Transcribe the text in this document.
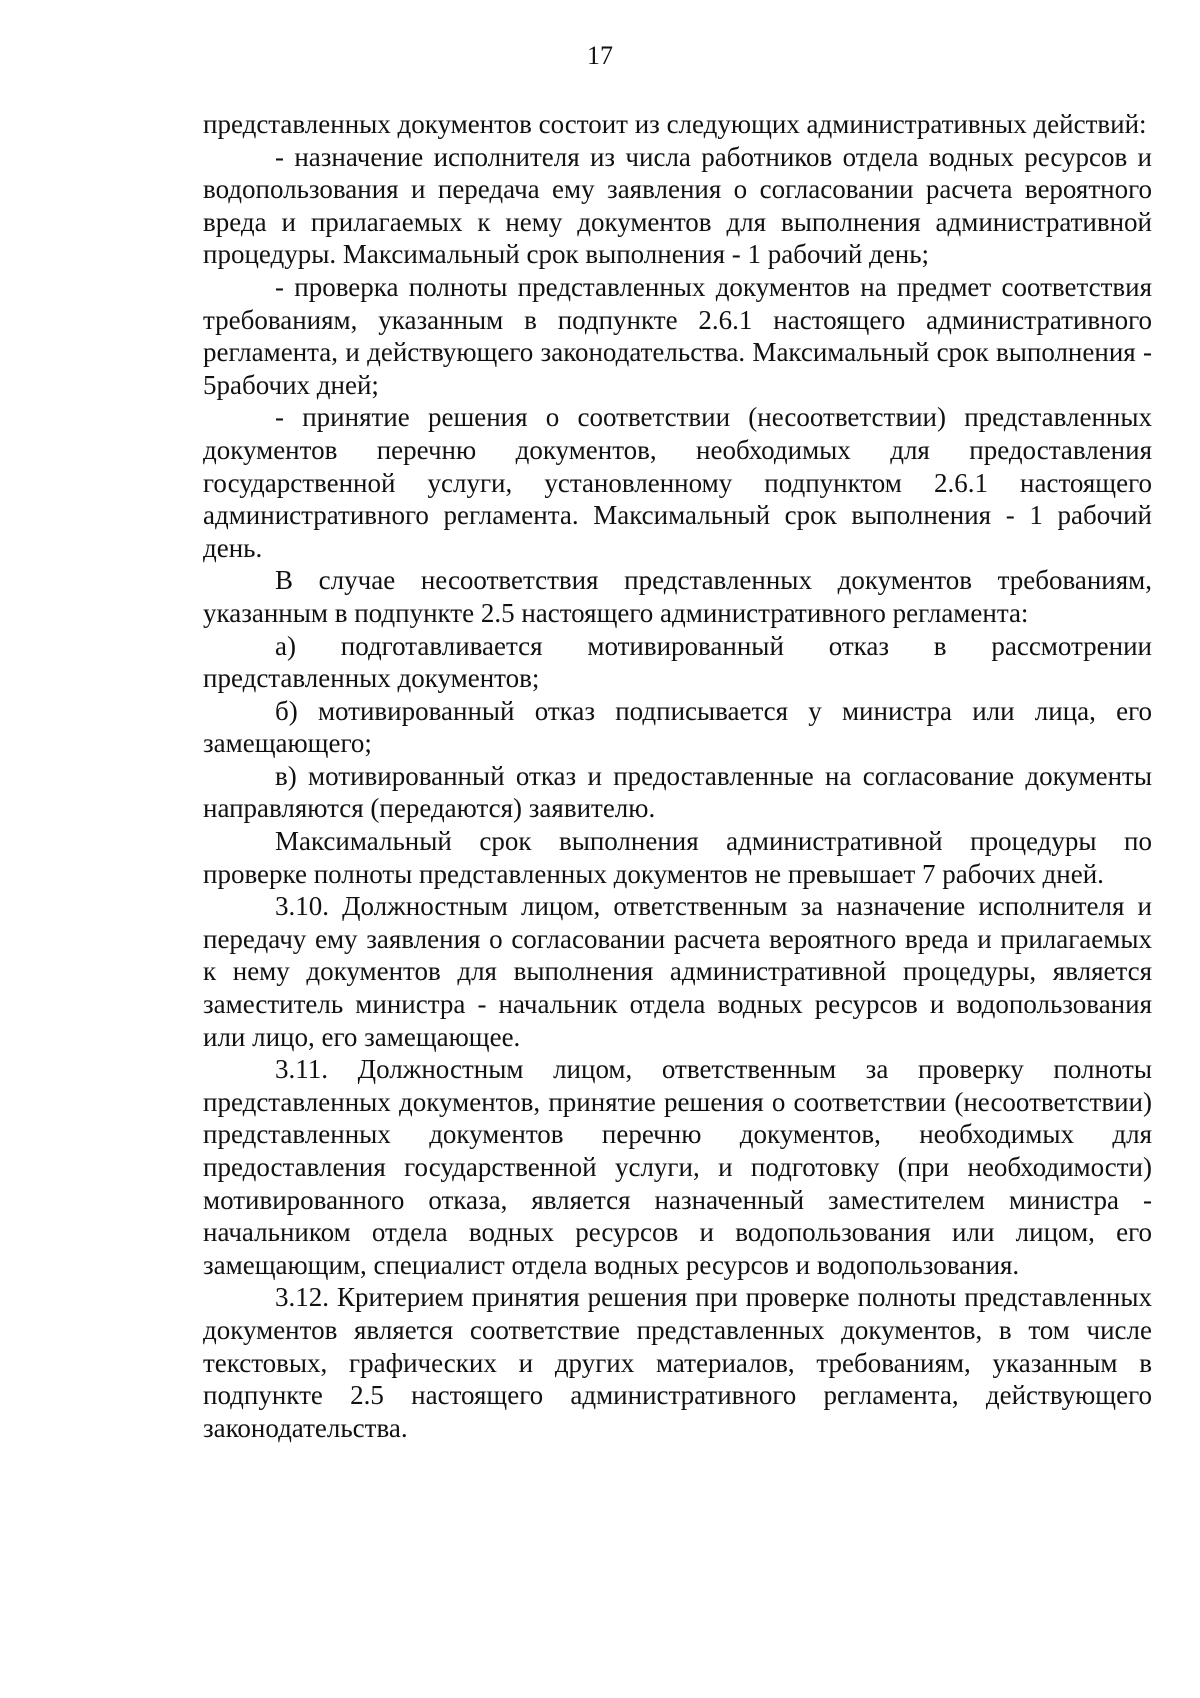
17

представленных документов состоит из следующих административных действий:

- назначение исполнителя из числа работников отдела водных ресурсов и водопользования и передача ему заявления о согласовании расчета вероятного вреда и прилагаемых к нему документов для выполнения административной процедуры. Максимальный срок выполнения - 1 рабочий день;

- проверка полноты представленных документов на предмет соответствия требованиям, указанным в подпункте 2.6.1 настоящего административного регламента, и действующего законодательства. Максимальный срок выполнения - 5рабочих дней;

- принятие решения о соответствии (несоответствии) представленных документов перечню документов, необходимых для предоставления государственной услуги, установленному подпунктом 2.6.1 настоящего административного регламента. Максимальный срок выполнения - 1 рабочий день.

В случае несоответствия представленных документов требованиям, указанным в подпункте 2.5 настоящего административного регламента:

а) подготавливается мотивированный отказ в рассмотрении представленных документов;

б) мотивированный отказ подписывается у министра или лица, его замещающего;

в) мотивированный отказ и предоставленные на согласование документы направляются (передаются) заявителю.

Максимальный срок выполнения административной процедуры по проверке полноты представленных документов не превышает 7 рабочих дней.

3.10. Должностным лицом, ответственным за назначение исполнителя и передачу ему заявления о согласовании расчета вероятного вреда и прилагаемых к нему документов для выполнения административной процедуры, является заместитель министра - начальник отдела водных ресурсов и водопользования или лицо, его замещающее.

3.11. Должностным лицом, ответственным за проверку полноты представленных документов, принятие решения о соответствии (несоответствии) представленных документов перечню документов, необходимых для предоставления государственной услуги, и подготовку (при необходимости) мотивированного отказа, является назначенный заместителем министра - начальником отдела водных ресурсов и водопользования или лицом, его замещающим, специалист отдела водных ресурсов и водопользования.

3.12. Критерием принятия решения при проверке полноты представленных документов является соответствие представленных документов, в том числе текстовых, графических и других материалов, требованиям, указанным в подпункте 2.5 настоящего административного регламента, действующего законодательства.
